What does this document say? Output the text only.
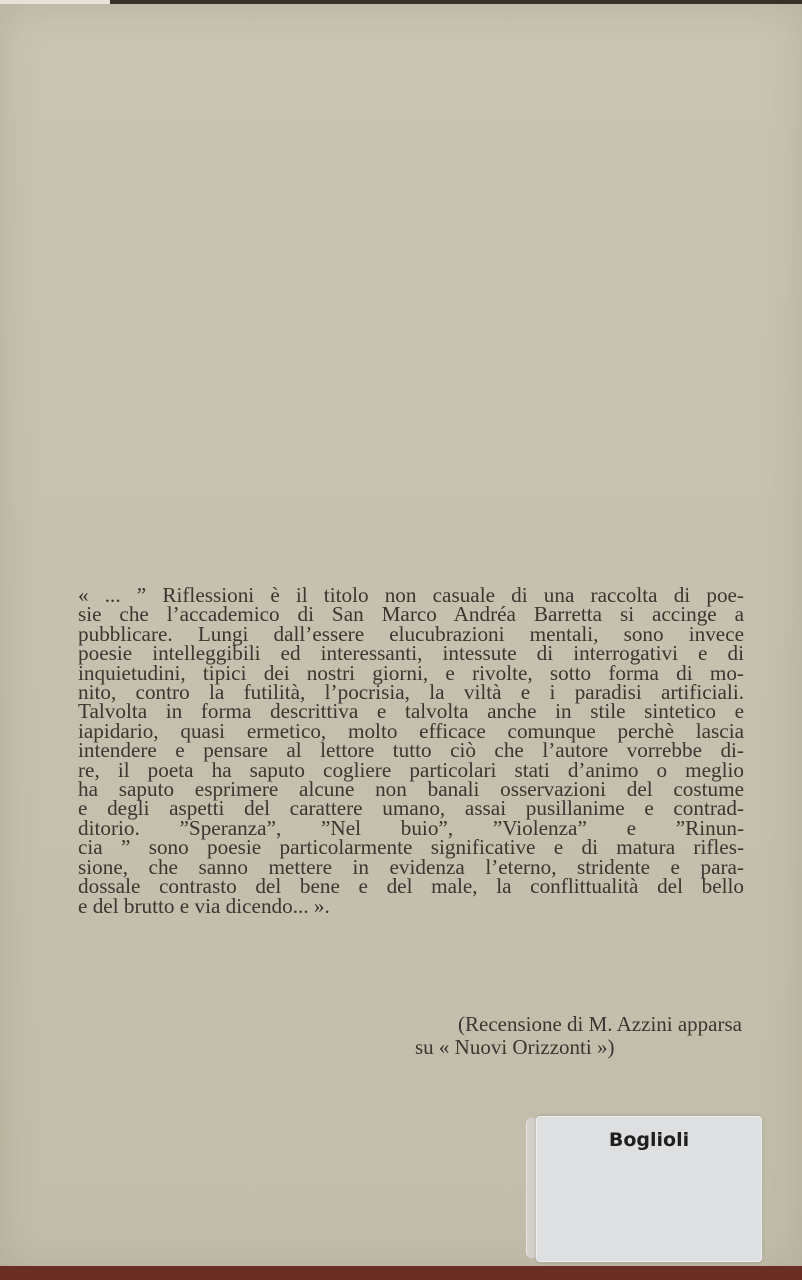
« ... ” Riflessioni è il titolo non casuale di una raccolta di poe-
sie che l’accademico di San Marco Andréa Barretta si accinge a
pubblicare. Lungi dall’essere elucubrazioni mentali, sono invece
poesie intelleggibili ed interessanti, intessute di interrogativi e di
inquietudini, tipici dei nostri giorni, e rivolte, sotto forma di mo-
nito, contro la futilità, l’pocrisia, la viltà e i paradisi artificiali.
Talvolta in forma descrittiva e talvolta anche in stile sintetico e
iapidario, quasi ermetico, molto efficace comunque perchè lascia
intendere e pensare al lettore tutto ciò che l’autore vorrebbe di-
re, il poeta ha saputo cogliere particolari stati d’animo o meglio
ha saputo esprimere alcune non banali osservazioni del costume
e degli aspetti del carattere umano, assai pusillanime e contrad-
ditorio. ”Speranza”, ”Nel buio”, ”Violenza” e ”Rinun-
cia ” sono poesie particolarmente significative e di matura rifles-
sione, che sanno mettere in evidenza l’eterno, stridente e para-
dossale contrasto del bene e del male, la conflittualità del bello
e del brutto e via dicendo... ».
(Recensione di M. Azzini apparsa
su « Nuovi Orizzonti »)
Boglioli
